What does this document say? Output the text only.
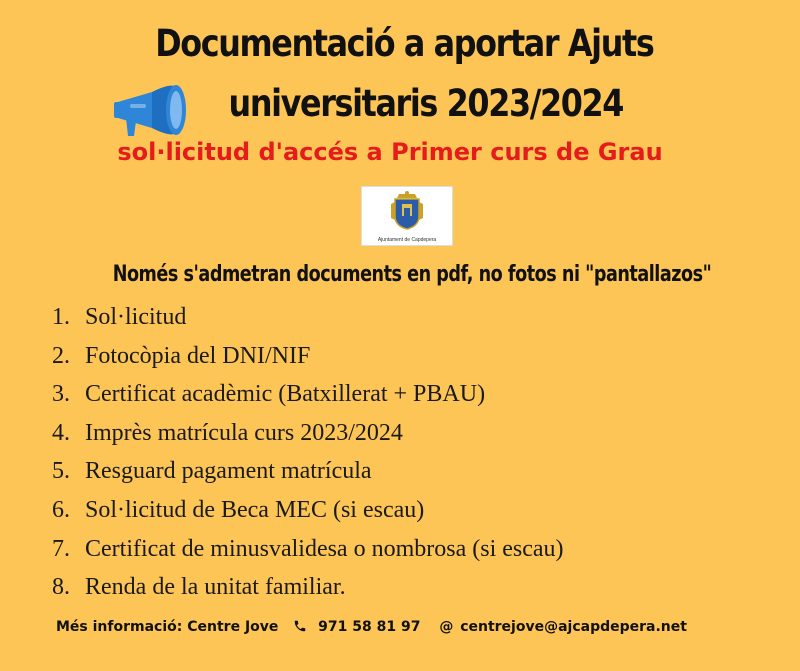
Documentació a aportar Ajuts
universitaris 2023/2024
sol·licitud d'accés a Primer curs de Grau
Ajuntament de Capdepera
Només s'admetran documents en pdf, no fotos ni "pantallazos"
1. Sol·licitud
2. Fotocòpia del DNI/NIF
3. Certificat acadèmic (Batxillerat + PBAU)
4. Imprès matrícula curs 2023/2024
5. Resguard pagament matrícula
6. Sol·licitud de Beca MEC (si escau)
7. Certificat de minusvalidesa o nombrosa (si escau)
8. Renda de la unitat familiar.
Més informació: Centre Jove	971 58 81 97 @ centrejove@ajcapdepera.net
